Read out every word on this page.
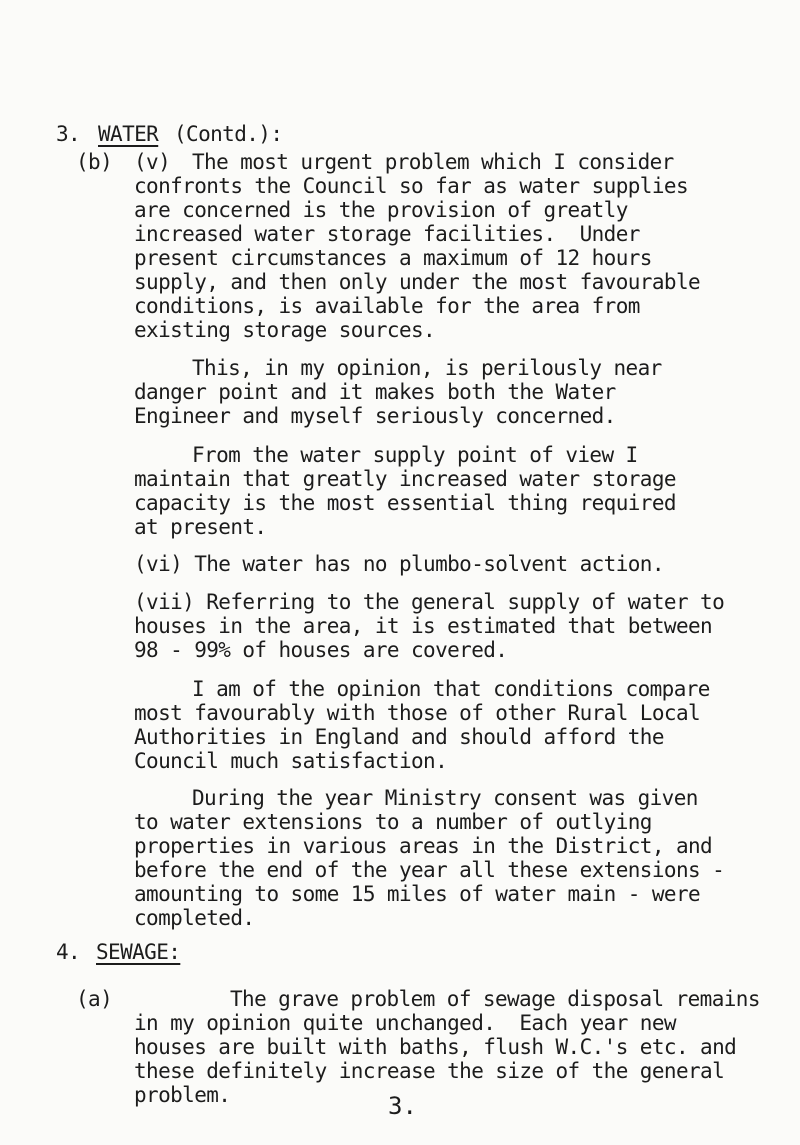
3. WATER (Contd.):
(b) (v) The most urgent problem which I consider
confronts the Council so far as water supplies
are concerned is the provision of greatly
increased water storage facilities.  Under
present circumstances a maximum of 12 hours
supply, and then only under the most favourable
conditions, is available for the area from
existing storage sources.
This, in my opinion, is perilously near
danger point and it makes both the Water
Engineer and myself seriously concerned.
From the water supply point of view I
maintain that greatly increased water storage
capacity is the most essential thing required
at present.
(vi) The water has no plumbo-solvent action.
(vii) Referring to the general supply of water to
houses in the area, it is estimated that between
98 - 99% of houses are covered.
I am of the opinion that conditions compare
most favourably with those of other Rural Local
Authorities in England and should afford the
Council much satisfaction.
During the year Ministry consent was given
to water extensions to a number of outlying
properties in various areas in the District, and
before the end of the year all these extensions -
amounting to some 15 miles of water main - were
completed.
4. SEWAGE:
(a)	The grave problem of sewage disposal remains
in my opinion quite unchanged.  Each year new
houses are built with baths, flush W.C.'s etc. and
these definitely increase the size of the general
problem.	3.
